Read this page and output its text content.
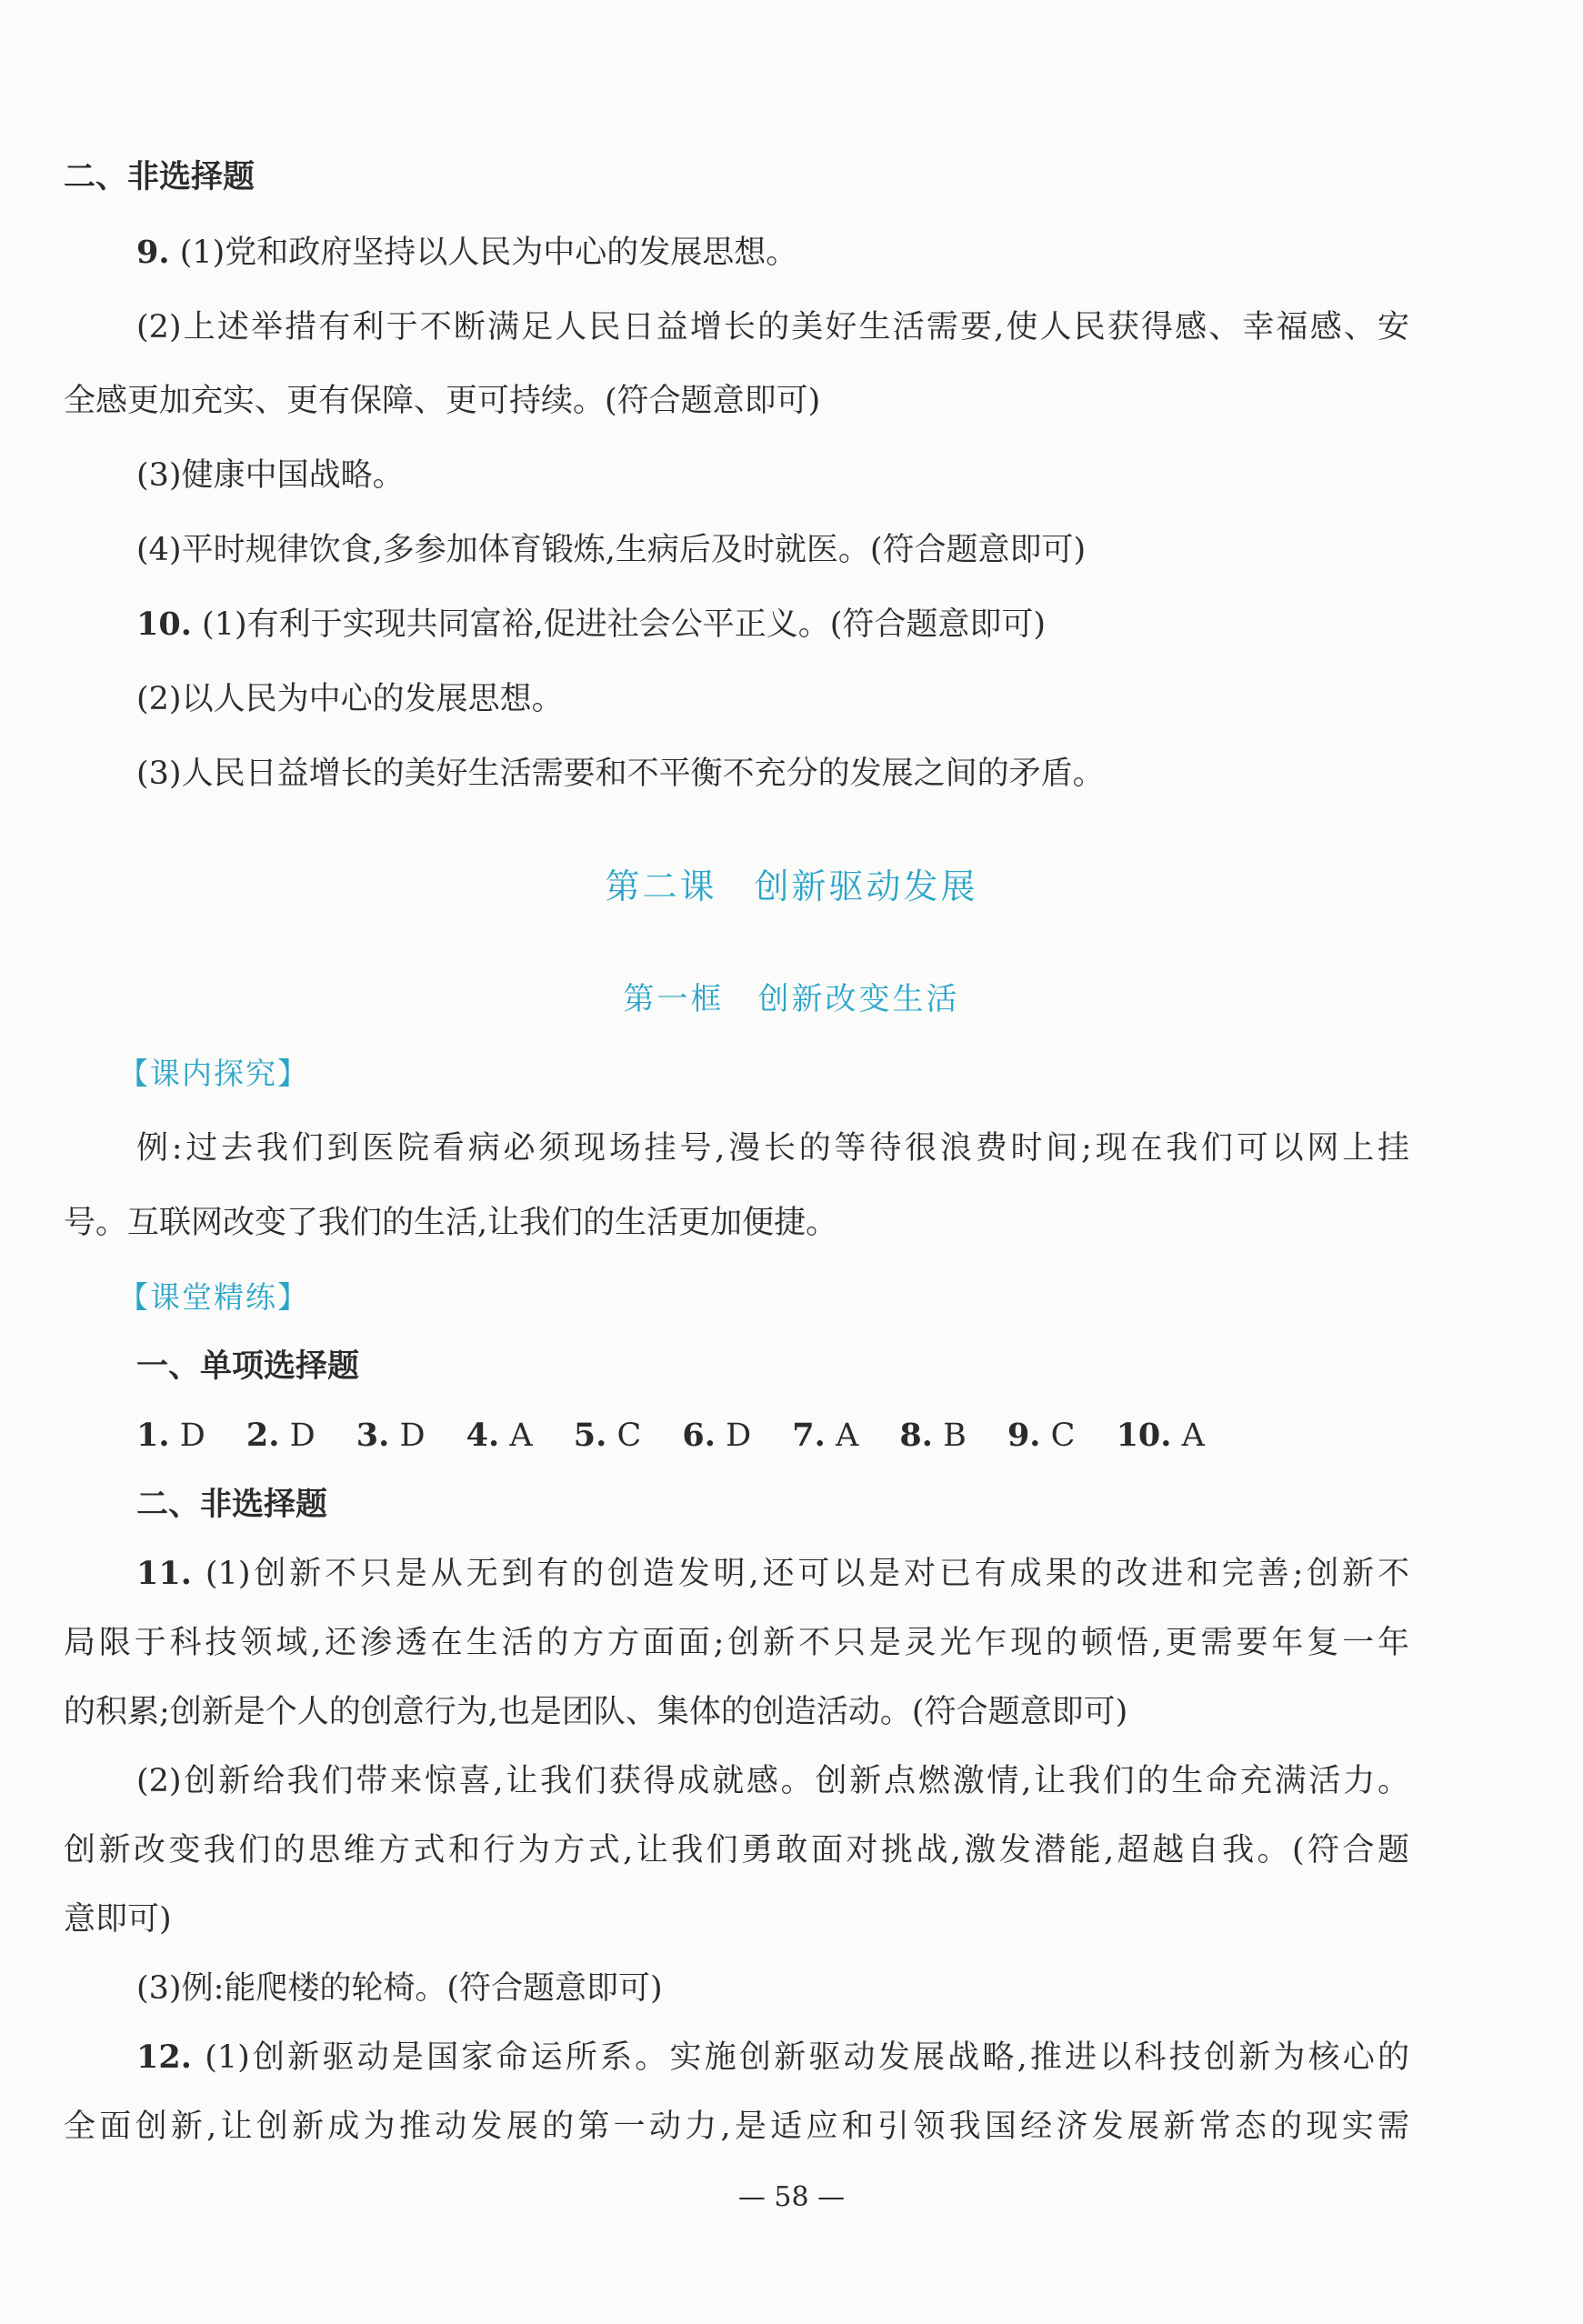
二、非选择题
9. (1)党和政府坚持以人民为中心的发展思想。
(2)上述举措有利于不断满足人民日益增长的美好生活需要,使人民获得感、幸福感、安
全感更加充实、更有保障、更可持续。(符合题意即可)
(3)健康中国战略。
(4)平时规律饮食,多参加体育锻炼,生病后及时就医。(符合题意即可)
10. (1)有利于实现共同富裕,促进社会公平正义。(符合题意即可)
(2)以人民为中心的发展思想。
(3)人民日益增长的美好生活需要和不平衡不充分的发展之间的矛盾。
第二课　创新驱动发展
第一框　创新改变生活
【课内探究】
例:过去我们到医院看病必须现场挂号,漫长的等待很浪费时间;现在我们可以网上挂
号。互联网改变了我们的生活,让我们的生活更加便捷。
【课堂精练】
一、单项选择题
1. D 2. D 3. D 4. A 5. C 6. D 7. A 8. B 9. C 10. A
二、非选择题
11. (1)创新不只是从无到有的创造发明,还可以是对已有成果的改进和完善;创新不
局限于科技领域,还渗透在生活的方方面面;创新不只是灵光乍现的顿悟,更需要年复一年
的积累;创新是个人的创意行为,也是团队、集体的创造活动。(符合题意即可)
(2)创新给我们带来惊喜,让我们获得成就感。创新点燃激情,让我们的生命充满活力。
创新改变我们的思维方式和行为方式,让我们勇敢面对挑战,激发潜能,超越自我。(符合题
意即可)
(3)例:能爬楼的轮椅。(符合题意即可)
12. (1)创新驱动是国家命运所系。实施创新驱动发展战略,推进以科技创新为核心的
全面创新,让创新成为推动发展的第一动力,是适应和引领我国经济发展新常态的现实需
— 58 —
